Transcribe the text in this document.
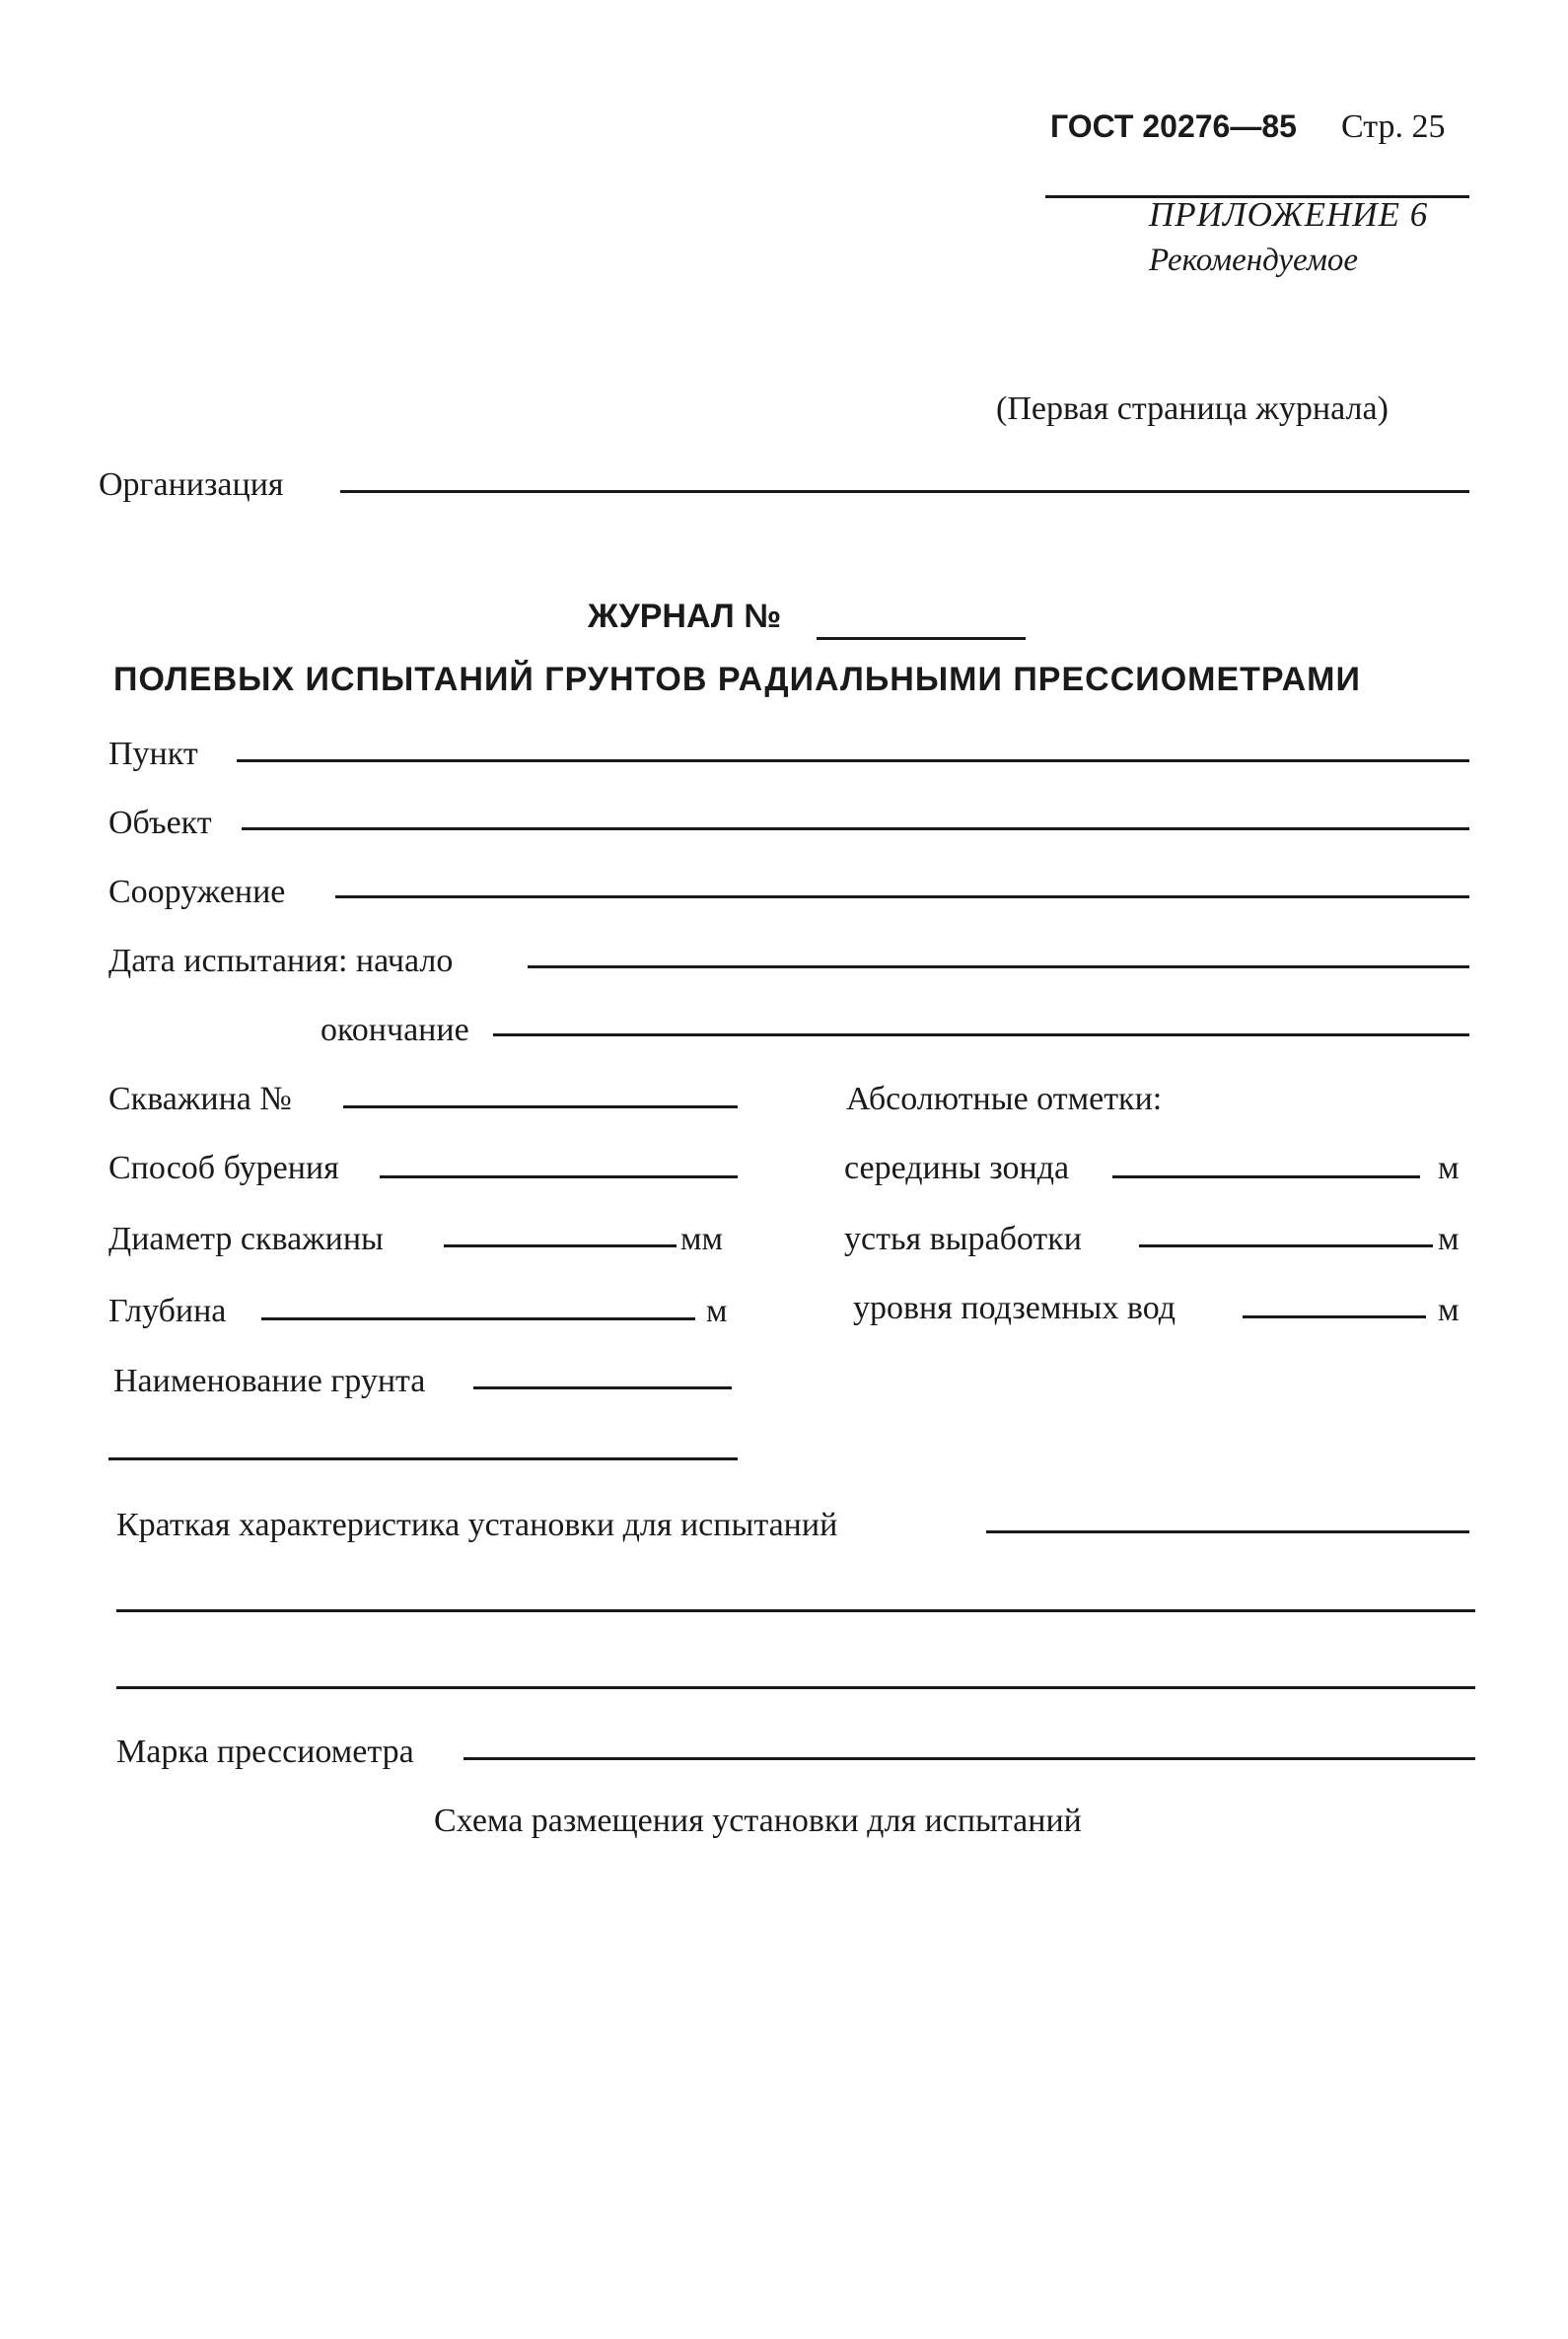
ГОСТ 20276—85 Стр. 25
ПРИЛОЖЕНИЕ 6
Рекомендуемое
(Первая страница журнала)
Организация
ЖУРНАЛ №
ПОЛЕВЫХ ИСПЫТАНИЙ ГРУНТОВ РАДИАЛЬНЫМИ ПРЕССИОМЕТРАМИ
Пункт
Объект
Сооружение
Дата испытания: начало
окончание
Скважина №
Способ бурения
Диаметр скважины	мм
Глубина	м
Наименование грунта
Абсолютные отметки:
середины зонда	м
устья выработки	м
уровня подземных вод	м
Краткая характеристика установки для испытаний
Марка прессиометра
Схема размещения установки для испытаний
